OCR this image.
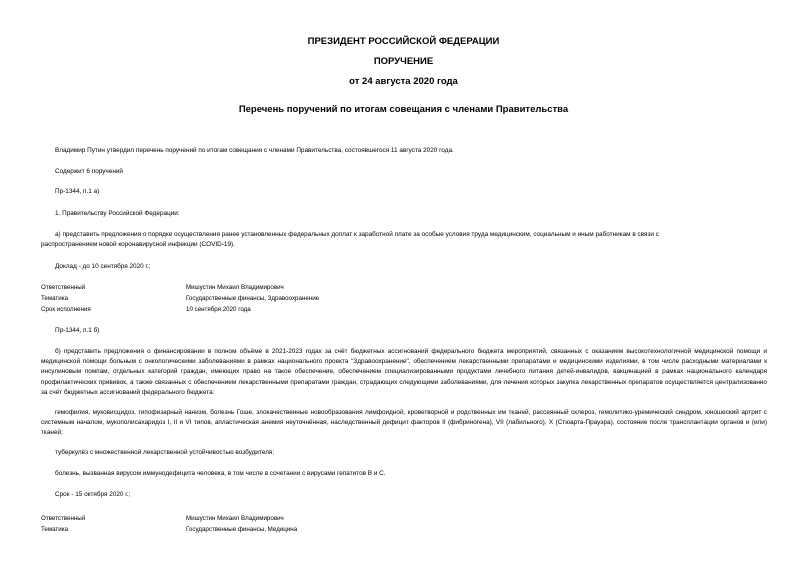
ПРЕЗИДЕНТ РОССИЙСКОЙ ФЕДЕРАЦИИ
ПОРУЧЕНИЕ
от 24 августа 2020 года
Перечень поручений по итогам совещания с членами Правительства
Владимир Путин утвердил перечень поручений по итогам совещания с членами Правительства, состоявшегося 11 августа 2020 года.
Содержит 6 поручений
Пр-1344, п.1 а)
1. Правительству Российской Федерации:
а) представить предложения о порядке осуществления ранее установленных федеральных доплат к заработной плате за особые условия труда медицинским, социальным и иным работникам в связи с
распространением новой коронавирусной инфекции (COVID-19).
Доклад - до 10 сентября 2020 г.;
Ответственный	Мишустин Михаил Владимирович
Тематика	Государственные финансы, Здравоохранение
Срок исполнения	10 сентября 2020 года
Пр-1344, п.1 б)
б) представить предложения о финансировании в полном объёме в 2021-2023 годах за счёт бюджетных ассигнований федерального бюджета мероприятий, связанных с оказанием высокотехнологичной медицинской помощи и медицинской помощи больным с онкологическими заболеваниями в рамках национального проекта "Здравоохранение", обеспечением лекарственными препаратами и медицинскими изделиями, в том числе расходными материалами к инсулиновым помпам, отдельных категорий граждан, имеющих право на такое обеспечение, обеспечением специализированными продуктами лечебного питания детей-инвалидов, вакцинацией в рамках национального календаря профилактических прививок, а также связанных с обеспечением лекарственными препаратами граждан, страдающих следующими заболеваниями, для лечения которых закупка лекарственных препаратов осуществляется централизованно за счёт бюджетных ассигнований федерального бюджета:
гемофилия, муковисцидоз, гипофизарный нанизм, болезнь Гоше, злокачественные новообразования лимфоидной, кроветворной и родственных им тканей, рассеянный склероз, гемолитико-уремический синдром, юношеский артрит с системным началом, мукополисахаридоз I, II и VI типов, апластическая анемия неуточнённая, наследственный дефицит факторов II (фибриногена), VII (лабильного), X (Стюарта-Прауэра), состояние после трансплантации органов и (или) тканей;
туберкулёз с множественной лекарственной устойчивостью возбудителя;
болезнь, вызванная вирусом иммунодефицита человека, в том числе в сочетании с вирусами гепатитов В и С.
Срок - 15 октября 2020 г.;
Ответственный	Мишустин Михаил Владимирович
Тематика	Государственные финансы, Медицина
